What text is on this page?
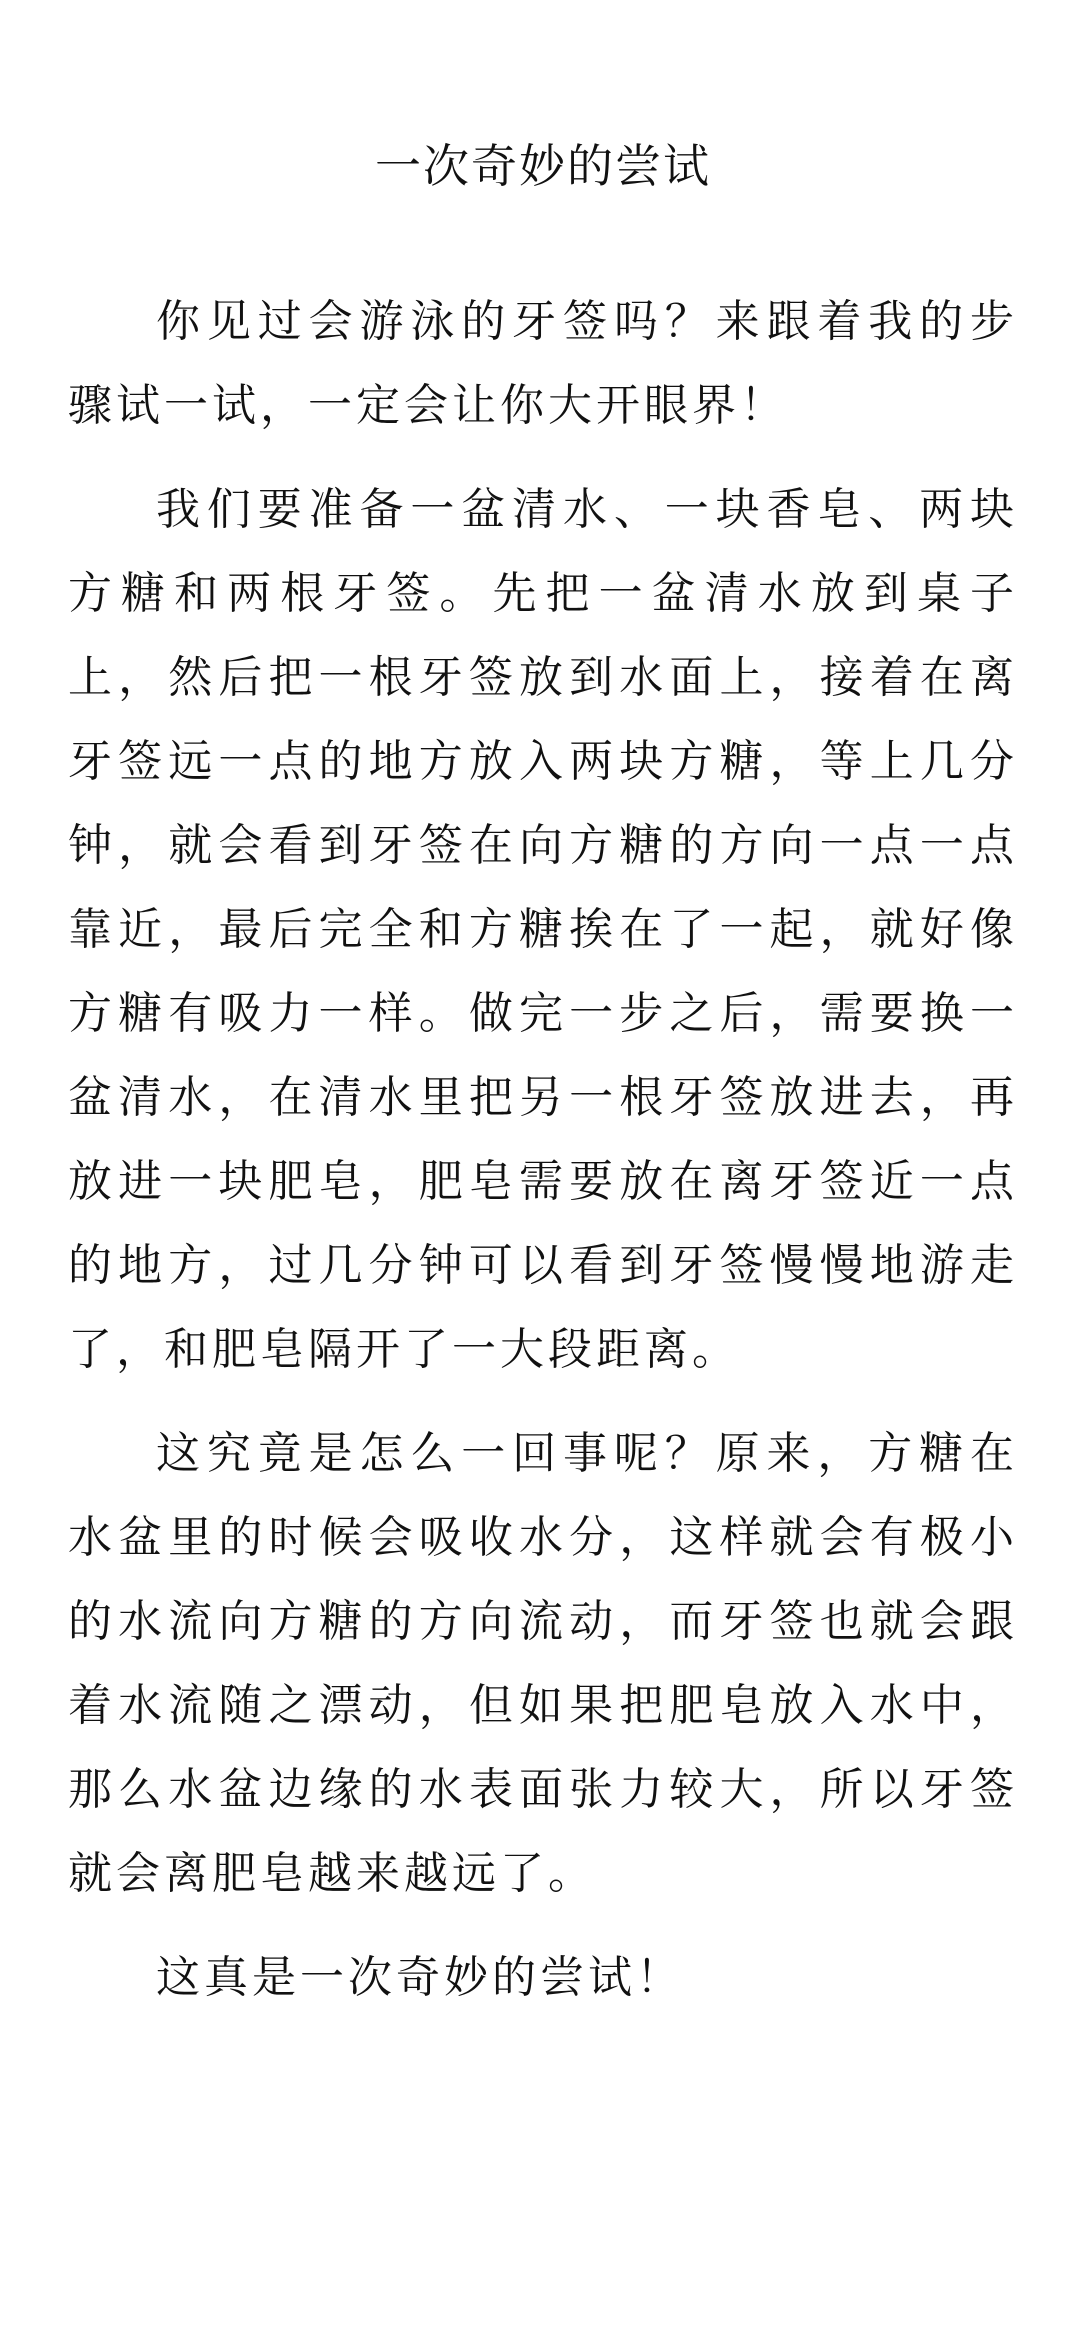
一次奇妙的尝试

你见过会游泳的牙签吗？来跟着我的步骤试一试，一定会让你大开眼界！

我们要准备一盆清水、一块香皂、两块方糖和两根牙签。先把一盆清水放到桌子上，然后把一根牙签放到水面上，接着在离牙签远一点的地方放入两块方糖，等上几分钟，就会看到牙签在向方糖的方向一点一点靠近，最后完全和方糖挨在了一起，就好像方糖有吸力一样。做完一步之后，需要换一盆清水，在清水里把另一根牙签放进去，再放进一块肥皂，肥皂需要放在离牙签近一点的地方，过几分钟可以看到牙签慢慢地游走了，和肥皂隔开了一大段距离。

这究竟是怎么一回事呢？原来，方糖在水盆里的时候会吸收水分，这样就会有极小的水流向方糖的方向流动，而牙签也就会跟着水流随之漂动，但如果把肥皂放入水中，那么水盆边缘的水表面张力较大，所以牙签就会离肥皂越来越远了。

这真是一次奇妙的尝试！
